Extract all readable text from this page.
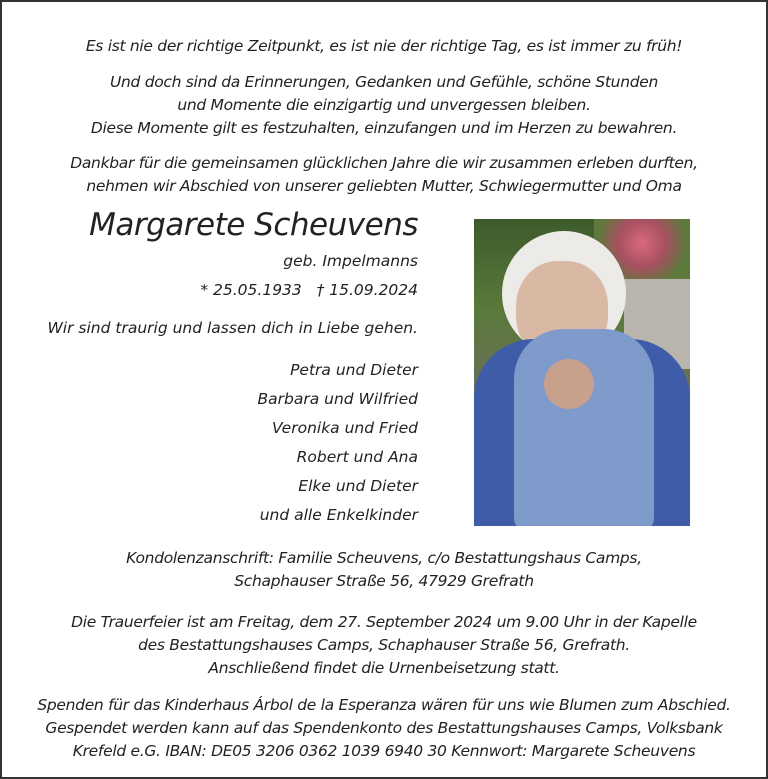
Es ist nie der richtige Zeitpunkt, es ist nie der richtige Tag, es ist immer zu früh!
Und doch sind da Erinnerungen, Gedanken und Gefühle, schöne Stunden
und Momente die einzigartig und unvergessen bleiben.
Diese Momente gilt es festzuhalten, einzufangen und im Herzen zu bewahren.
Dankbar für die gemeinsamen glücklichen Jahre die wir zusammen erleben durften,
nehmen wir Abschied von unserer geliebten Mutter, Schwiegermutter und Oma
Margarete Scheuvens
geb. Impelmanns
* 25.05.1933   † 15.09.2024
Wir sind traurig und lassen dich in Liebe gehen.
Petra und Dieter
Barbara und Wilfried
Veronika und Fried
Robert und Ana
Elke und Dieter
und alle Enkelkinder
Kondolenzanschrift: Familie Scheuvens, c/o Bestattungshaus Camps,
Schaphauser Straße 56, 47929 Grefrath
Die Trauerfeier ist am Freitag, dem 27. September 2024 um 9.00 Uhr in der Kapelle
des Bestattungshauses Camps, Schaphauser Straße 56, Grefrath.
Anschließend findet die Urnenbeisetzung statt.
Spenden für das Kinderhaus Árbol de la Esperanza wären für uns wie Blumen zum Abschied.
Gespendet werden kann auf das Spendenkonto des Bestattungshauses Camps, Volksbank
Krefeld e.G. IBAN: DE05 3206 0362 1039 6940 30 Kennwort: Margarete Scheuvens
